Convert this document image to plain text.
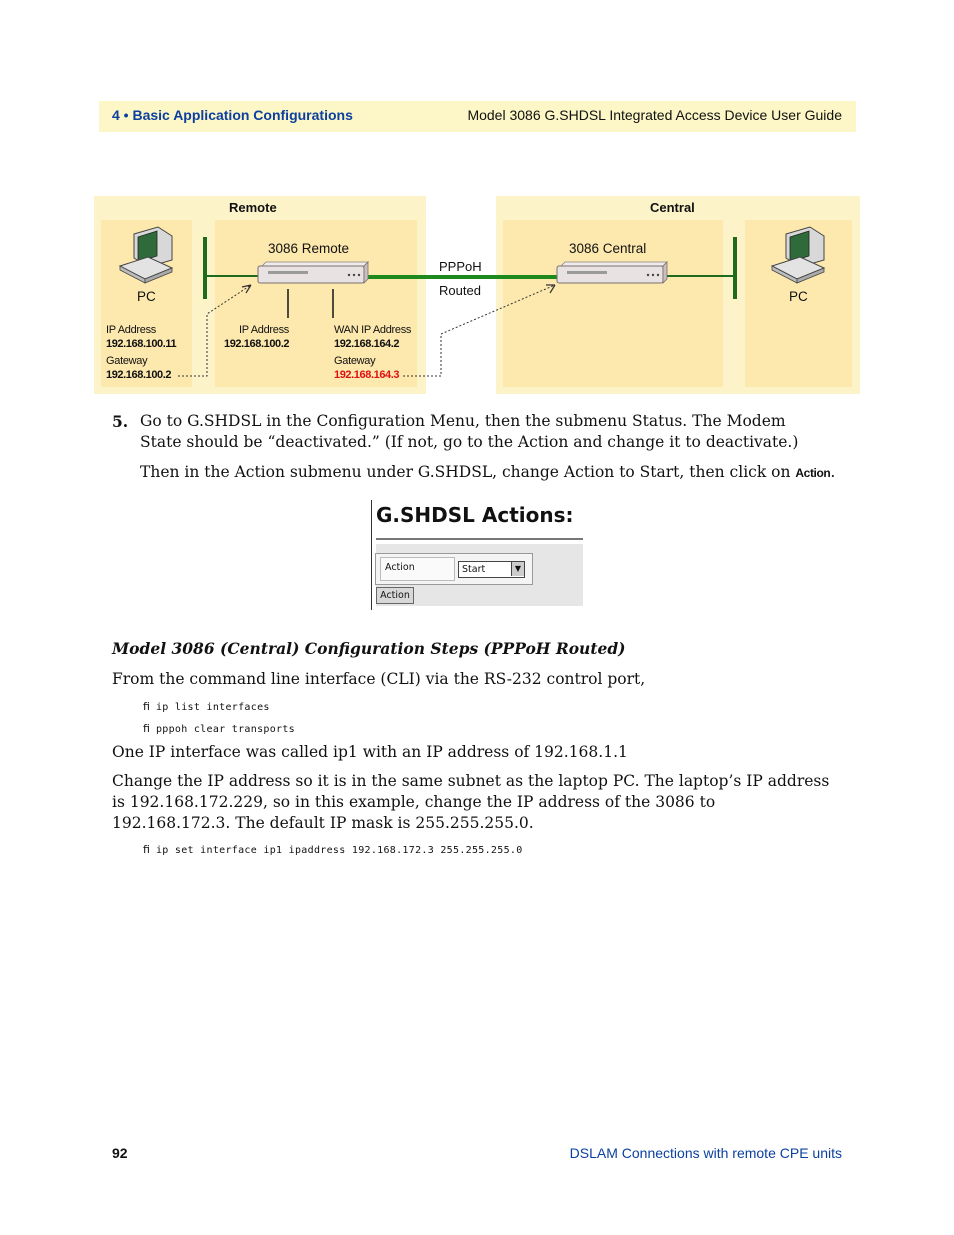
4 • Basic Application Configurations	Model 3086 G.SHDSL Integrated Access Device User Guide
Remote	Central
3086 Remote	3086 Central
PPPoH
Routed
PC	PC
IP Address
192.168.100.11
Gateway
192.168.100.2
IP Address
192.168.100.2
WAN IP Address
192.168.164.2
Gateway
192.168.164.3
5. Go to G.SHDSL in the Configuration Menu, then the submenu Status. The Modem State should be “deactivated.” (If not, go to the Action and change it to deactivate.)
Then in the Action submenu under G.SHDSL, change Action to Start, then click on Action.
G.SHDSL Actions:
Action	Start	▼
Action
Model 3086 (Central) Configuration Steps (PPPoH Routed)
From the command line interface (CLI) via the RS-232 control port,
ﬁ ip list interfaces
ﬁ pppoh clear transports
One IP interface was called ip1 with an IP address of 192.168.1.1
Change the IP address so it is in the same subnet as the laptop PC. The laptop’s IP address is 192.168.172.229, so in this example, change the IP address of the 3086 to 192.168.172.3. The default IP mask is 255.255.255.0.
ﬁ ip set interface ip1 ipaddress 192.168.172.3 255.255.255.0
92	DSLAM Connections with remote CPE units
